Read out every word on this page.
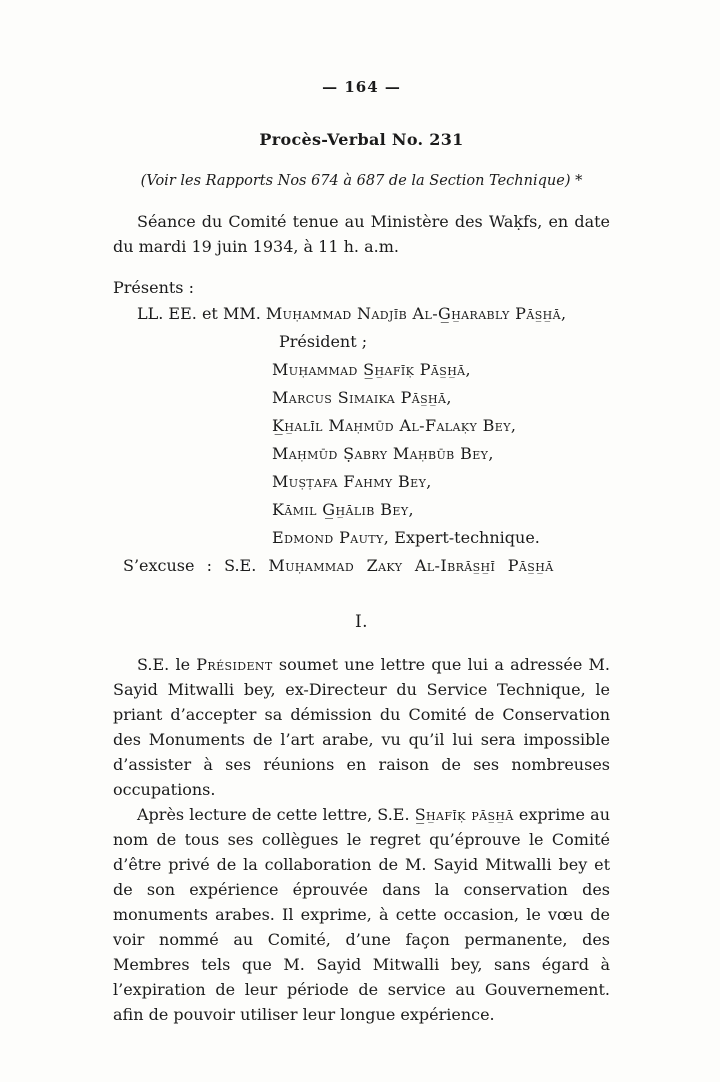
— 164 —
Procès-Verbal No. 231
(Voir les Rapports Nos 674 à 687 de la Section Technique) *

Séance du Comité tenue au Ministère des Waḳfs, en date du mardi 19 juin 1934, à 11 h. a.m.

Présents :
LL. EE. et MM. Muḥammad Nadjīb Al-G̲h̲arably Pās̲h̲ā,
Président ;
Muḥammad S̲h̲afīḳ Pās̲h̲ā,
Marcus Simaika Pās̲h̲ā,
K̲h̲alīl Maḥmūd Al-Falaḳy Bey,
Maḥmūd Ṣabry Maḥbūb Bey,
Muṣṭafa Fahmy Bey,
Kāmil G̲h̲ālib Bey,
Edmond Pauty, Expert-technique.
S’excuse : S.E. Muḥammad Zaky Al-Ibrās̲h̲ī Pās̲h̲ā
I.

S.E. le Président soumet une lettre que lui a adressée M. Sayid Mitwalli bey, ex-Directeur du Service Technique, le priant d’accepter sa démission du Comité de Conservation des Monuments de l’art arabe, vu qu’il lui sera impossible d’assister à ses réunions en raison de ses nombreuses occupations.

Après lecture de cette lettre, S.E. S̲h̲afīḳ pās̲h̲ā exprime au nom de tous ses collègues le regret qu’éprouve le Comité d’être privé de la collaboration de M. Sayid Mitwalli bey et de son expérience éprouvée dans la conservation des monuments arabes. Il exprime, à cette occasion, le vœu de voir nommé au Comité, d’une façon permanente, des Membres tels que M. Sayid Mitwalli bey, sans égard à l’expiration de leur période de service au Gouvernement. afin de pouvoir utiliser leur longue expérience.
